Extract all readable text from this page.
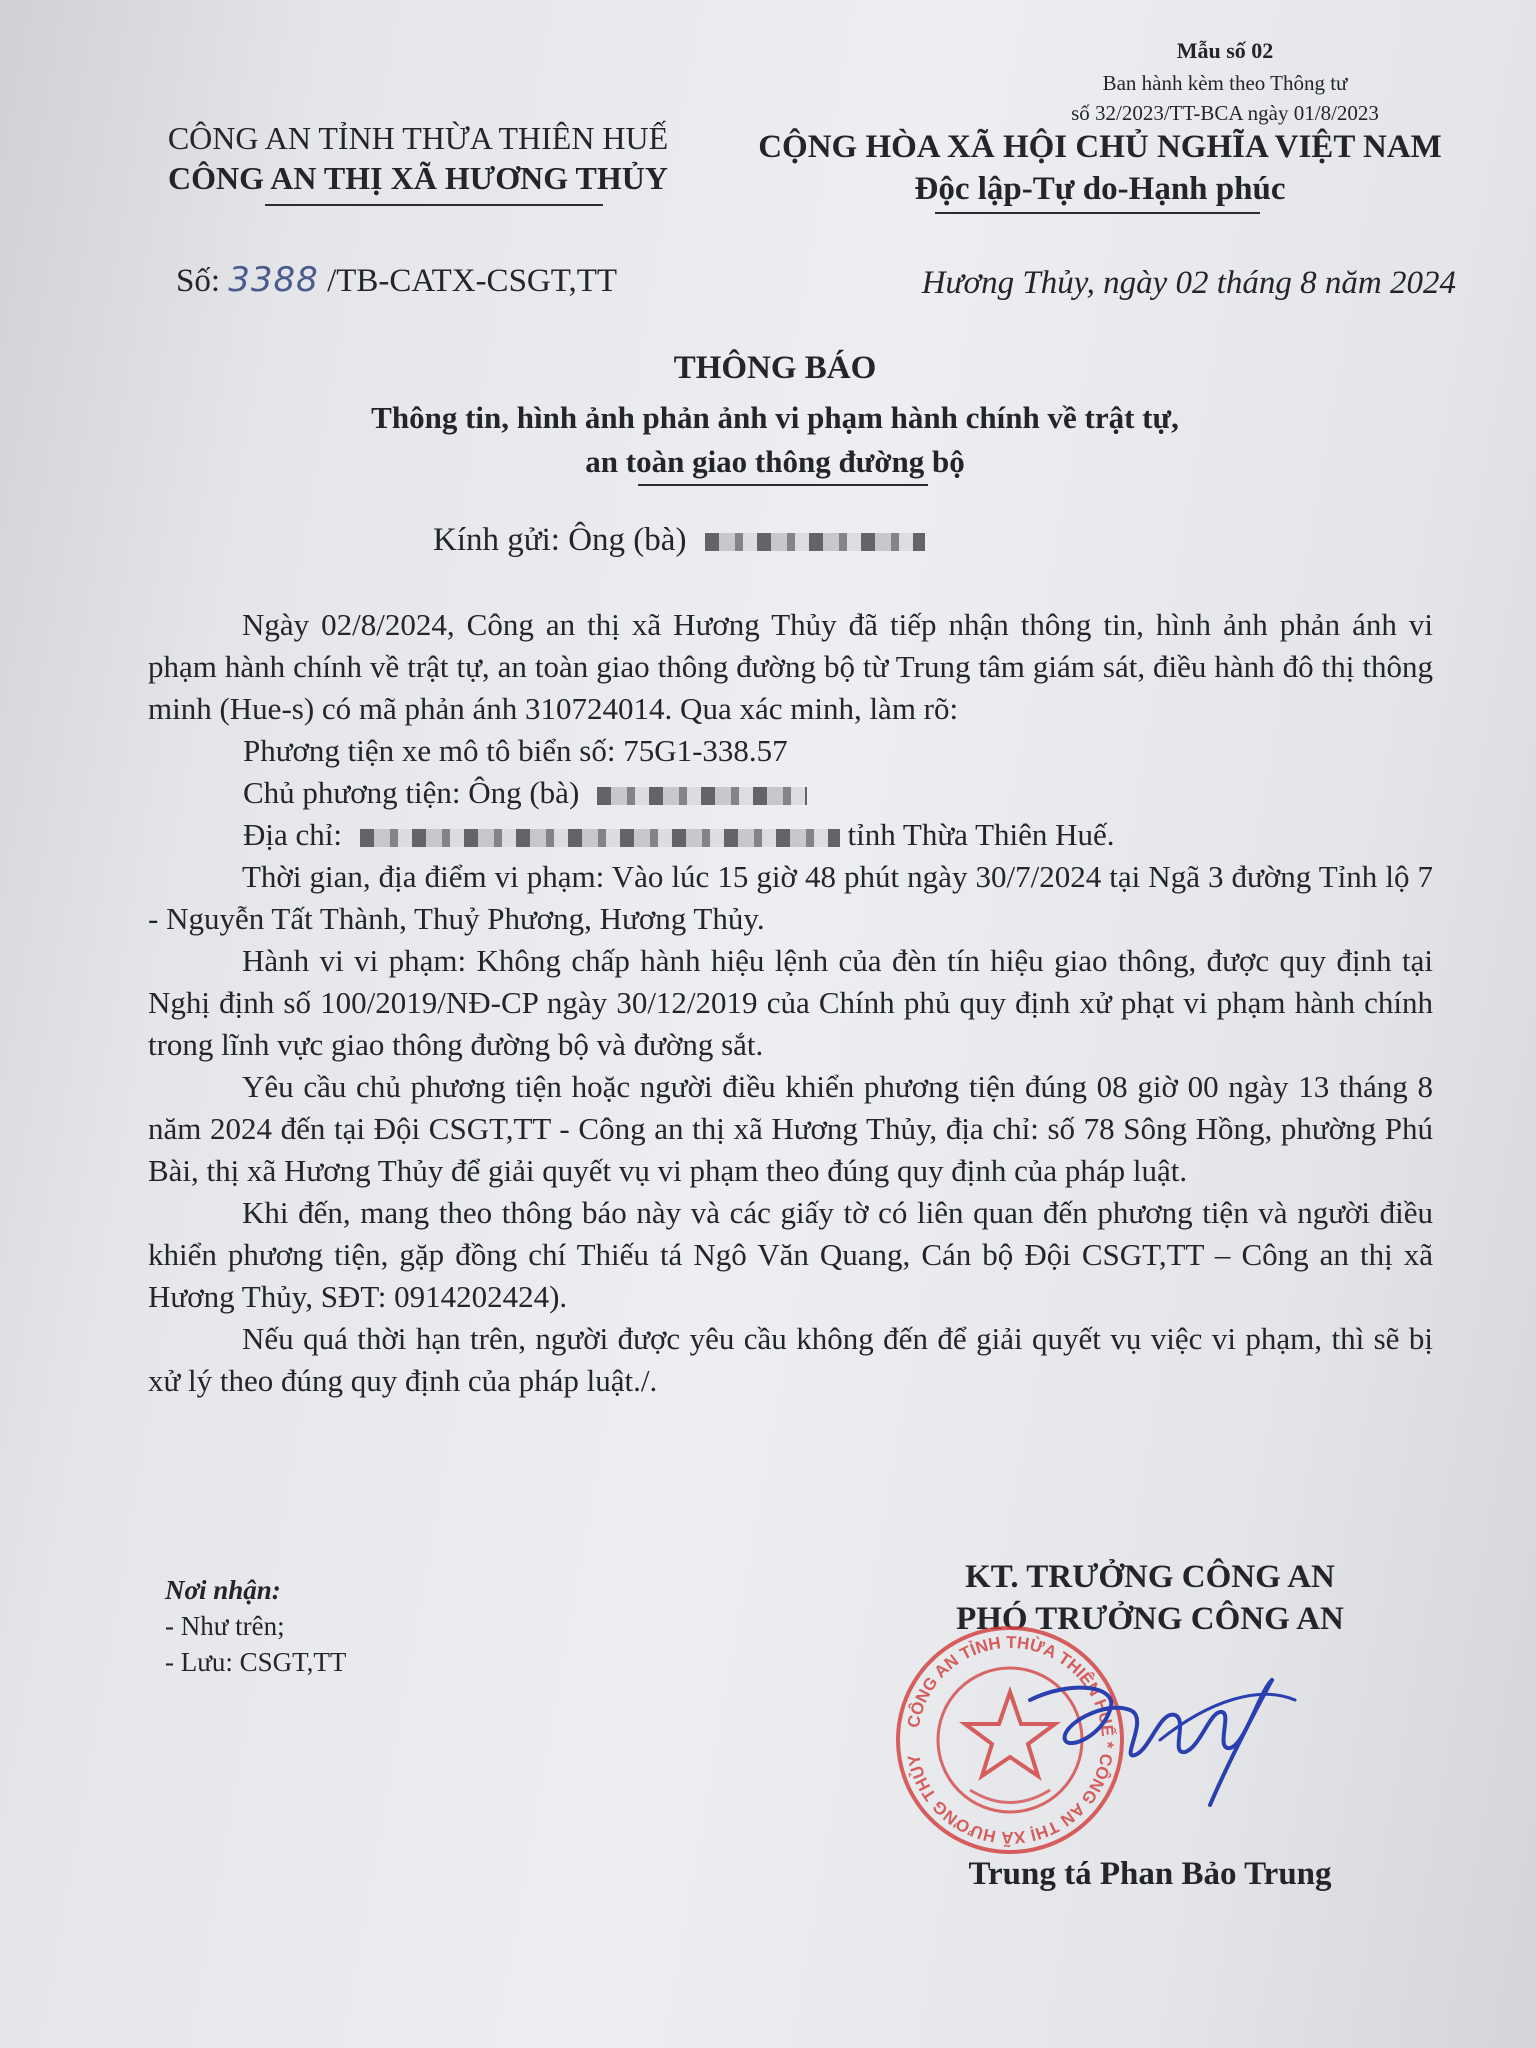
Mẫu số 02
Ban hành kèm theo Thông tư
số 32/2023/TT-BCA ngày 01/8/2023
CÔNG AN TỈNH THỪA THIÊN HUẾ
CÔNG AN THỊ XÃ HƯƠNG THỦY
CỘNG HÒA XÃ HỘI CHỦ NGHĨA VIỆT NAM
Độc lập-Tự do-Hạnh phúc
Số: 3388 /TB-CATX-CSGT,TT	Hương Thủy, ngày 02 tháng 8 năm 2024
THÔNG BÁO
Thông tin, hình ảnh phản ảnh vi phạm hành chính về trật tự,
an toàn giao thông đường bộ
Kính gửi: Ông (bà)

Ngày 02/8/2024, Công an thị xã Hương Thủy đã tiếp nhận thông tin, hình ảnh phản ánh vi phạm hành chính về trật tự, an toàn giao thông đường bộ từ Trung tâm giám sát, điều hành đô thị thông minh (Hue-s) có mã phản ánh 310724014. Qua xác minh, làm rõ:

Phương tiện xe mô tô biển số: 75G1-338.57

Chủ phương tiện: Ông (bà)

Địa chỉ:	tỉnh Thừa Thiên Huế.

Thời gian, địa điểm vi phạm: Vào lúc 15 giờ 48 phút ngày 30/7/2024 tại Ngã 3 đường Tỉnh lộ 7 - Nguyễn Tất Thành, Thuỷ Phương, Hương Thủy.

Hành vi vi phạm: Không chấp hành hiệu lệnh của đèn tín hiệu giao thông, được quy định tại Nghị định số 100/2019/NĐ-CP ngày 30/12/2019 của Chính phủ quy định xử phạt vi phạm hành chính trong lĩnh vực giao thông đường bộ và đường sắt.

Yêu cầu chủ phương tiện hoặc người điều khiển phương tiện đúng 08 giờ 00 ngày 13 tháng 8 năm 2024 đến tại Đội CSGT,TT - Công an thị xã Hương Thủy, địa chỉ: số 78 Sông Hồng, phường Phú Bài, thị xã Hương Thủy để giải quyết vụ vi phạm theo đúng quy định của pháp luật.

Khi đến, mang theo thông báo này và các giấy tờ có liên quan đến phương tiện và người điều khiển phương tiện, gặp đồng chí Thiếu tá Ngô Văn Quang, Cán bộ Đội CSGT,TT – Công an thị xã Hương Thủy, SĐT: 0914202424).

Nếu quá thời hạn trên, người được yêu cầu không đến để giải quyết vụ việc vi phạm, thì sẽ bị xử lý theo đúng quy định của pháp luật./.

Nơi nhận:
- Như trên;
- Lưu: CSGT,TT
KT. TRƯỞNG CÔNG AN
PHÓ TRƯỞNG CÔNG AN
CÔNG AN TỈNH THỪA THIÊN HUẾ * CÔNG AN THỊ XÃ HƯƠNG THỦY
Trung tá Phan Bảo Trung
